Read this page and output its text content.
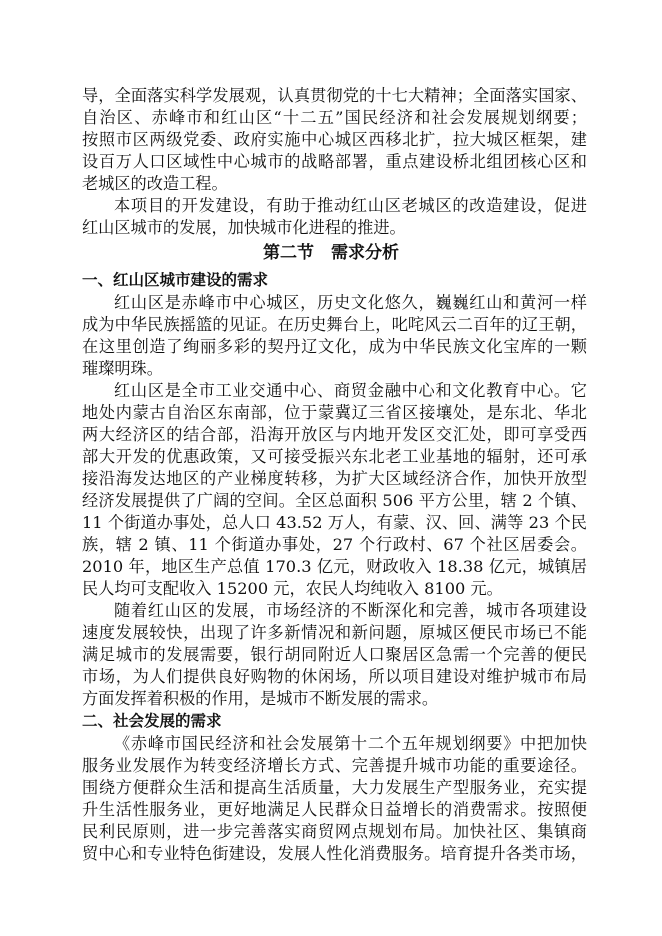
导，全面落实科学发展观，认真贯彻党的十七大精神；全面落实国家、
自治区、赤峰市和红山区“十二五”国民经济和社会发展规划纲要；
按照市区两级党委、政府实施中心城区西移北扩，拉大城区框架，建
设百万人口区域性中心城市的战略部署，重点建设桥北组团核心区和
老城区的改造工程。
本项目的开发建设，有助于推动红山区老城区的改造建设，促进
红山区城市的发展，加快城市化进程的推进。
第二节　需求分析
一、红山区城市建设的需求
红山区是赤峰市中心城区，历史文化悠久，巍巍红山和黄河一样
成为中华民族摇篮的见证。在历史舞台上，叱咤风云二百年的辽王朝，
在这里创造了绚丽多彩的契丹辽文化，成为中华民族文化宝库的一颗
璀璨明珠。
红山区是全市工业交通中心、商贸金融中心和文化教育中心。它
地处内蒙古自治区东南部，位于蒙冀辽三省区接壤处，是东北、华北
两大经济区的结合部，沿海开放区与内地开发区交汇处，即可享受西
部大开发的优惠政策，又可接受振兴东北老工业基地的辐射，还可承
接沿海发达地区的产业梯度转移，为扩大区域经济合作，加快开放型
经济发展提供了广阔的空间。全区总面积 506 平方公里，辖 2 个镇、
11 个街道办事处，总人口 43.52 万人，有蒙、汉、回、满等 23 个民
族，辖 2 镇、11 个街道办事处，27 个行政村、67 个社区居委会。
2010 年，地区生产总值 170.3 亿元，财政收入 18.38 亿元，城镇居
民人均可支配收入 15200 元，农民人均纯收入 8100 元。
随着红山区的发展，市场经济的不断深化和完善，城市各项建设
速度发展较快，出现了许多新情况和新问题，原城区便民市场已不能
满足城市的发展需要，银行胡同附近人口聚居区急需一个完善的便民
市场，为人们提供良好购物的休闲场，所以项目建设对维护城市布局
方面发挥着积极的作用，是城市不断发展的需求。
二、社会发展的需求
《赤峰市国民经济和社会发展第十二个五年规划纲要》中把加快
服务业发展作为转变经济增长方式、完善提升城市功能的重要途径。
围绕方便群众生活和提高生活质量，大力发展生产型服务业，充实提
升生活性服务业，更好地满足人民群众日益增长的消费需求。按照便
民利民原则，进一步完善落实商贸网点规划布局。加快社区、集镇商
贸中心和专业特色街建设，发展人性化消费服务。培育提升各类市场，
